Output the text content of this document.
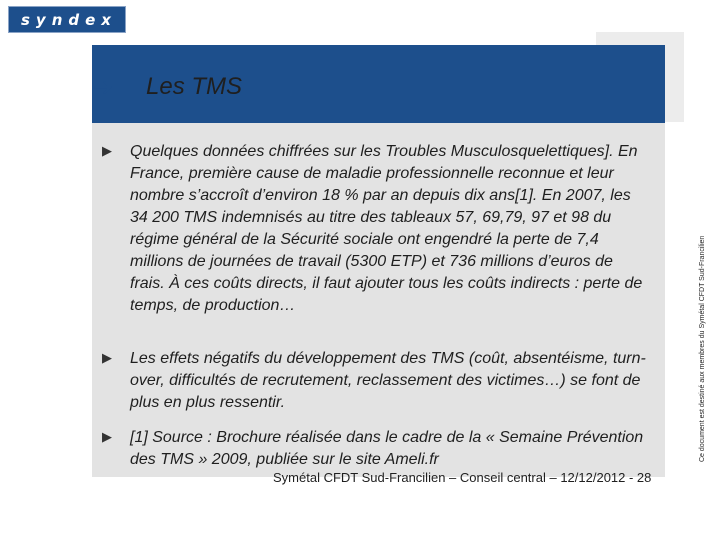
syndex
➔ Les TMS
▶	Quelques données chiffrées sur les Troubles Musculosquelettiques]. En France, première cause de maladie professionnelle reconnue et leur nombre s’accroît d’environ 18 % par an depuis dix ans[1]. En 2007, les 34 200 TMS indemnisés au titre des tableaux 57, 69,79, 97 et 98 du régime général de la Sécurité sociale ont engendré la perte de 7,4 millions de journées de travail (5300 ETP) et 736 millions d’euros de frais. À ces coûts directs, il faut ajouter tous les coûts indirects : perte de temps, de production…
▶	Les effets négatifs du développement des TMS (coût, absentéisme, turn-over, difficultés de recrutement, reclassement des victimes…) se font de plus en plus ressentir.
▶	[1] Source : Brochure réalisée dans le cadre de la « Semaine Prévention des TMS » 2009, publiée sur le site Ameli.fr
Symétal CFDT Sud-Francilien – Conseil central – 12/12/2012 - 28
Ce document est destiné aux membres du Symétal CFDT Sud-Francilien
